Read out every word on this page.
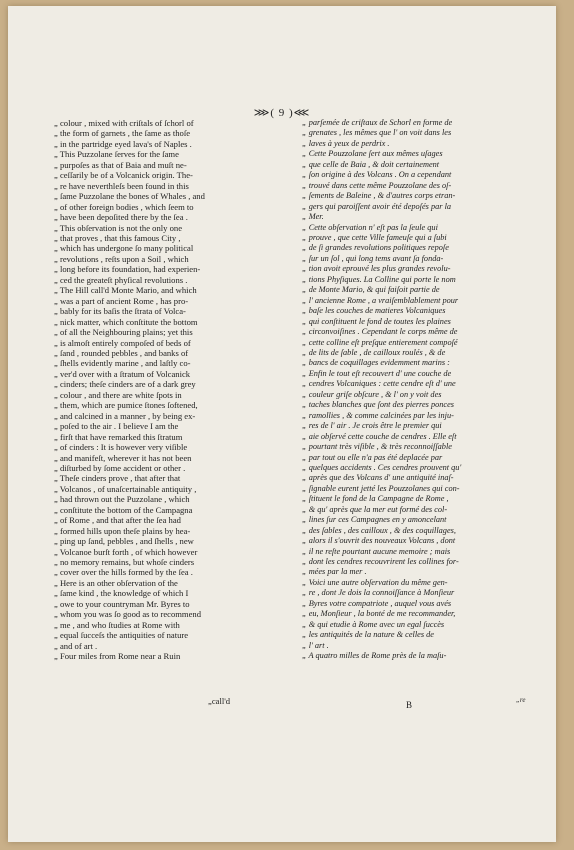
⋙( 9 )⋘
„ colour , mixed with criſtals of ſchorl of
„ the form of garnets , the ſame as thoſe
„ in the partridge eyed lava's of Naples .
„ This Puzzolane ſerves for the ſame
„ purpoſes as that of Baia and muſt ne-
„ ceſſarily be of a Volcanick origin. The-
„ re have neverthleſs been found in this
„ ſame Puzzolane the bones of Whales , and
„ of other foreign bodies , which ſeem to
„ have been depoſited there by the ſea .
„ This obſervation is not the only one
„ that proves , that this famous City ,
„ which has undergone ſo many political
„ revolutions , reſts upon a Soil , which
„ long before its foundation, had experien-
„ ced the greateſt phyſical revolutions .
„ The Hill call'd Monte Mario, and which
„ was a part of ancient Rome , has pro-
„ bably for its baſis the ſtrata of Volca-
„ nick matter, which conſtitute the bottom
„ of all the Neighbouring plains; yet this
„ is almoſt entirely compoſed of beds of
„ ſand , rounded pebbles , and banks of
„ ſhells evidently marine , and laſtly co-
„ ver'd over with a ſtratum of Volcanick
„ cinders; theſe cinders are of a dark grey
„ colour , and there are white ſpots in
„ them, which are pumice ſtones ſoftened,
„ and calcined in a manner , by being ex-
„ poſed to the air . I believe I am the
„ firſt that have remarked this ſtratum
„ of cinders : It is however very viſible
„ and manifeſt, wherever it has not been
„ diſturbed by ſome accident or other .
„ Theſe cinders prove , that after that
„ Volcanos , of unaſcertainable antiquity ,
„ had thrown out the Puzzolane , which
„ conſtitute the bottom of the Campagna
„ of Rome , and that after the ſea had
„ formed hills upon theſe plains by hea-
„ ping up ſand, pebbles , and ſhells , new
„ Volcanoe burſt forth , of which however
„ no memory remains, but whoſe cinders
„ cover over the hills formed by the ſea .
„ Here is an other obſervation of the
„ ſame kind , the knowledge of which I
„ owe to your countryman Mr. Byres to
„ whom you was ſo good as to recommend
„ me , and who ſtudies at Rome with
„ equal ſucceſs the antiquities of nature
„ and of art .
„ Four miles from Rome near a Ruin
„ parſemée de criſtaux de Schorl en forme de
„ grenates , les mêmes que l' on voit dans les
„ laves à yeux de perdrix .
„ Cette Pouzzolane ſert aux mêmes uſages
„ que celle de Baia , & doit certainement
„ ſon origine à des Volcans . On a cependant
„ trouvé dans cette même Pouzzolane des oſ-
„ ſements de Baleine , & d'autres corps etran-
„ gers qui paroiſſent avoir été depoſés par la
„ Mer.
„ Cette obſervation n' eſt pas la ſeule qui
„ prouve , que cette Ville fameuſe qui a ſubi
„ de ſi grandes revolutions politiques repoſe
„ ſur un ſol , qui long tems avant ſa fonda-
„ tion avoit eprouvé les plus grandes revolu-
„ tions Phyſiques. La Colline qui porte le nom
„ de Monte Mario, & qui faiſoit partie de
„ l' ancienne Rome , a vraiſemblablement pour
„ baſe les couches de matieres Volcaniques
„ qui conſtituent le fond de toutes les plaines
„ circonvoiſines . Cependant le corps même de
„ cette colline eſt preſque entierement compoſé
„ de lits de ſable , de cailloux roulés , & de
„ bancs de coquillages evidemment marins :
„ Enfin le tout eſt recouvert d' une couche de
„ cendres Volcaniques : cette cendre eſt d' une
„ couleur griſe obſcure , & l' on y voit des
„ taches blanches que ſont des pierres ponces
„ ramollies , & comme calcinées par les inju-
„ res de l' air . Je crois être le premier qui
„ aie obſervé cette couche de cendres . Elle eſt
„ pourtant très viſible , & très reconnoiſſable
„ par tout ou elle n'a pas été deplacée par
„ quelques accidents . Ces cendres prouvent qu'
„ après que des Volcans d' une antiquité inaſ-
„ ſignable eurent jetté les Pouzzolanes qui con-
„ ſtituent le fond de la Campagne de Rome ,
„ & qu' après que la mer eut formé des col-
„ lines ſur ces Campagnes en y amoncelant
„ des ſables , des cailloux , & des coquillages,
„ alors il s'ouvrit des nouveaux Volcans , dont
„ il ne reſte pourtant aucune memoire ; mais
„ dont les cendres recouvrirent les collines for-
„ mées par la mer .
„ Voici une autre obſervation du même gen-
„ re , dont Je dois la connoiſſance à Monſieur
„ Byres votre compatriote , auquel vous avés
„ eu, Monſieur , la bonté de me recommander,
„ & qui etudie à Rome avec un egal ſuccès
„ les antiquités de la nature & celles de
„ l' art .
„ A quatro milles de Rome près de la maſu-
„call'd	B	„re
